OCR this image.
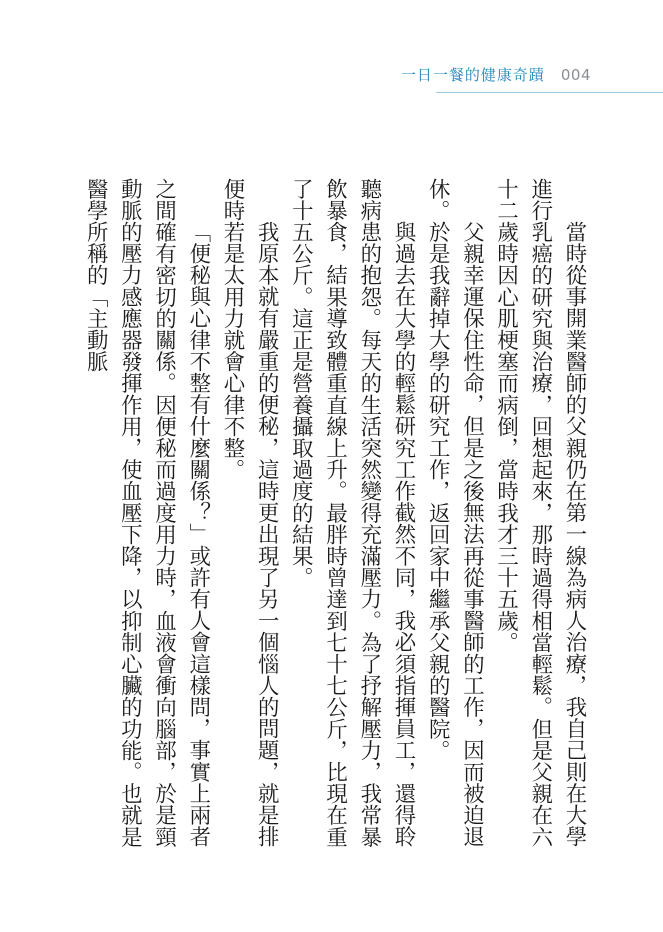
一日一餐的健康奇蹟 004

當時從事開業醫師的父親仍在第一線為病人治療，我自己則在大學進行乳癌的研究與治療，回想起來，那時過得相當輕鬆。但是父親在六十二歲時因心肌梗塞而病倒，當時我才三十五歲。

父親幸運保住性命，但是之後無法再從事醫師的工作，因而被迫退休。於是我辭掉大學的研究工作，返回家中繼承父親的醫院。

與過去在大學的輕鬆研究工作截然不同，我必須指揮員工，還得聆聽病患的抱怨。每天的生活突然變得充滿壓力。為了抒解壓力，我常暴飲暴食，結果導致體重直線上升。最胖時曾達到七十七公斤，比現在重了十五公斤。這正是營養攝取過度的結果。

我原本就有嚴重的便秘，這時更出現了另一個惱人的問題，就是排便時若是太用力就會心律不整。

「便秘與心律不整有什麼關係？」或許有人會這樣問，事實上兩者之間確有密切的關係。因便秘而過度用力時，血液會衝向腦部，於是頸動脈的壓力感應器發揮作用，使血壓下降，以抑制心臟的功能。也就是醫學所稱的「主動脈
